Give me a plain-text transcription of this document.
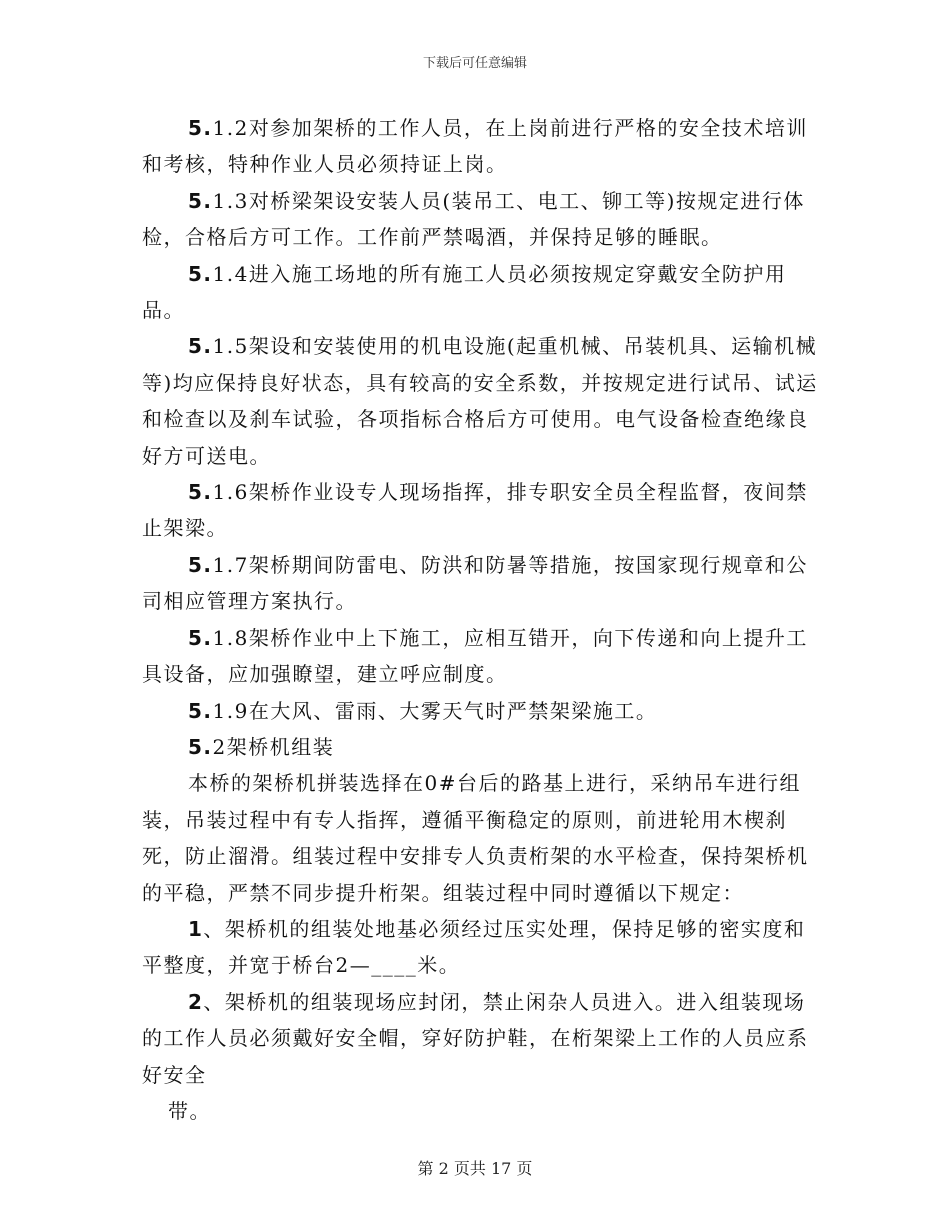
下载后可任意编辑

5.1.2对参加架桥的工作人员，在上岗前进行严格的安全技术培训和考核，特种作业人员必须持证上岗。

5.1.3对桥梁架设安装人员(装吊工、电工、铆工等)按规定进行体检，合格后方可工作。工作前严禁喝酒，并保持足够的睡眠。

5.1.4进入施工场地的所有施工人员必须按规定穿戴安全防护用品。

5.1.5架设和安装使用的机电设施(起重机械、吊装机具、运输机械等)均应保持良好状态，具有较高的安全系数，并按规定进行试吊、试运和检查以及刹车试验，各项指标合格后方可使用。电气设备检查绝缘良好方可送电。

5.1.6架桥作业设专人现场指挥，排专职安全员全程监督，夜间禁止架梁。

5.1.7架桥期间防雷电、防洪和防暑等措施，按国家现行规章和公司相应管理方案执行。

5.1.8架桥作业中上下施工，应相互错开，向下传递和向上提升工具设备，应加强瞭望，建立呼应制度。

5.1.9在大风、雷雨、大雾天气时严禁架梁施工。

5.2架桥机组装

本桥的架桥机拼装选择在0#台后的路基上进行，采纳吊车进行组装，吊装过程中有专人指挥，遵循平衡稳定的原则，前进轮用木楔刹死，防止溜滑。组装过程中安排专人负责桁架的水平检查，保持架桥机的平稳，严禁不同步提升桁架。组装过程中同时遵循以下规定：

1、架桥机的组装处地基必须经过压实处理，保持足够的密实度和平整度，并宽于桥台2—____米。

2、架桥机的组装现场应封闭，禁止闲杂人员进入。进入组装现场的工作人员必须戴好安全帽，穿好防护鞋，在桁架梁上工作的人员应系好安全

带。

第 2 页共 17 页
